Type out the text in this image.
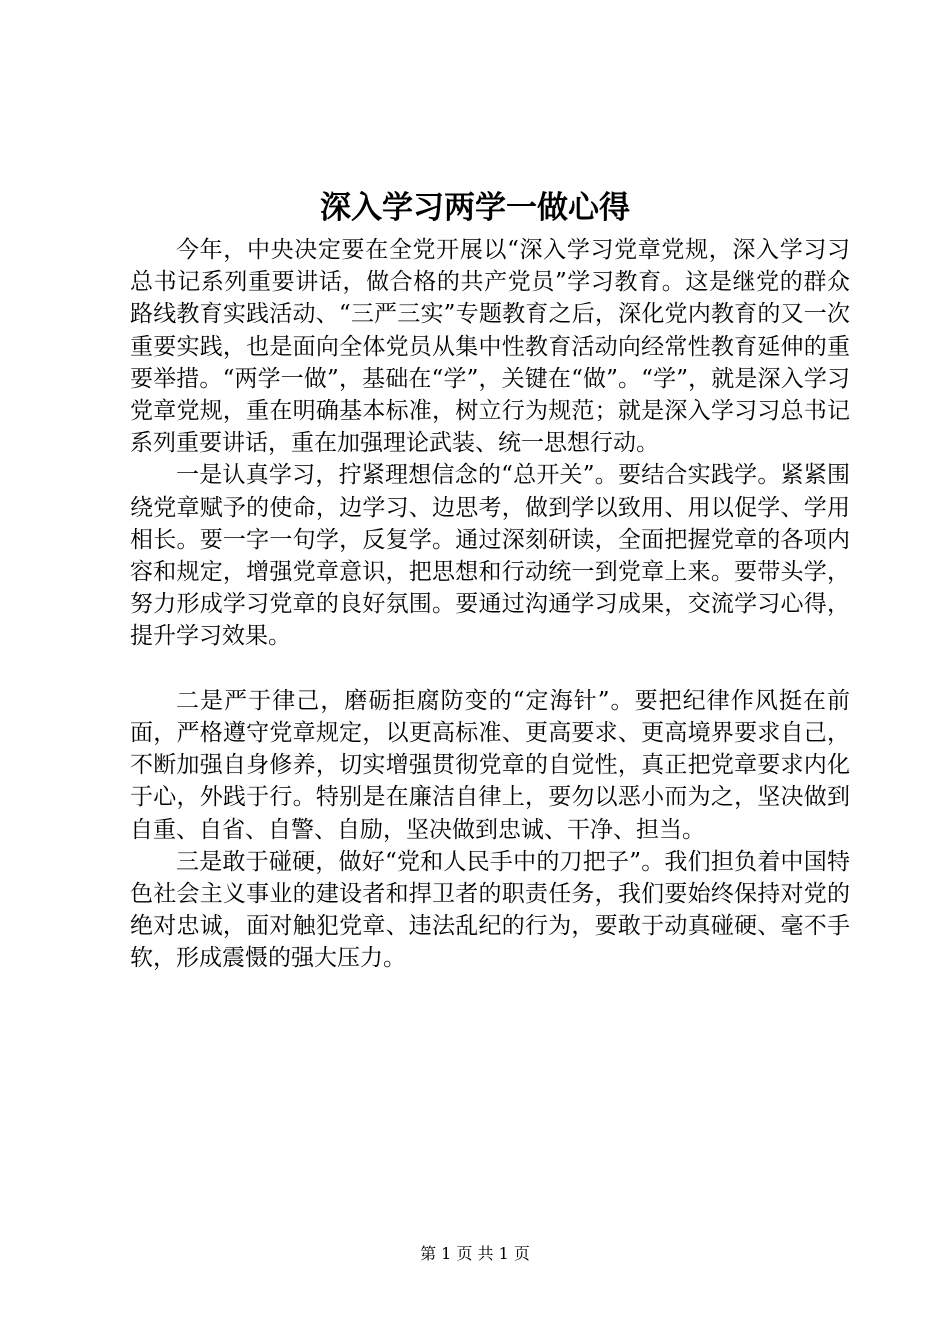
深入学习两学一做心得

今年，中央决定要在全党开展以“深入学习党章党规，深入学习习总书记系列重要讲话，做合格的共产党员”学习教育。这是继党的群众路线教育实践活动、“三严三实”专题教育之后，深化党内教育的又一次重要实践，也是面向全体党员从集中性教育活动向经常性教育延伸的重要举措。“两学一做”，基础在“学”，关键在“做”。“学”，就是深入学习党章党规，重在明确基本标准，树立行为规范；就是深入学习习总书记系列重要讲话，重在加强理论武装、统一思想行动。

一是认真学习，拧紧理想信念的“总开关”。要结合实践学。紧紧围绕党章赋予的使命，边学习、边思考，做到学以致用、用以促学、学用相长。要一字一句学，反复学。通过深刻研读，全面把握党章的各项内容和规定，增强党章意识，把思想和行动统一到党章上来。要带头学，努力形成学习党章的良好氛围。要通过沟通学习成果，交流学习心得，提升学习效果。

二是严于律己，磨砺拒腐防变的“定海针”。要把纪律作风挺在前面，严格遵守党章规定，以更高标准、更高要求、更高境界要求自己，不断加强自身修养，切实增强贯彻党章的自觉性，真正把党章要求内化于心，外践于行。特别是在廉洁自律上，要勿以恶小而为之，坚决做到自重、自省、自警、自励，坚决做到忠诚、干净、担当。

三是敢于碰硬，做好“党和人民手中的刀把子”。我们担负着中国特色社会主义事业的建设者和捍卫者的职责任务，我们要始终保持对党的绝对忠诚，面对触犯党章、违法乱纪的行为，要敢于动真碰硬、毫不手软，形成震慑的强大压力。

第 1 页 共 1 页
